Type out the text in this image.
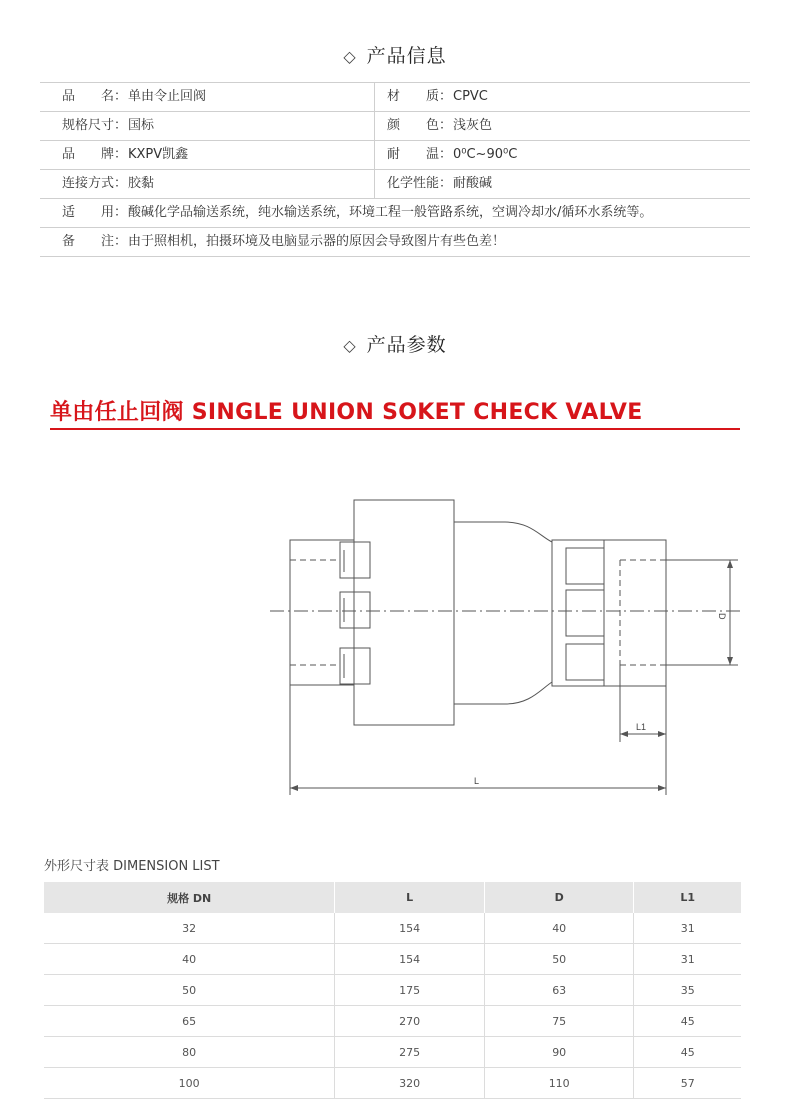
◇ 产品信息
品　　名：单由令止回阀	材　　质：CPVC
规格尺寸：国标	颜　　色：浅灰色
品　　牌：KXPV凯鑫	耐　　温：0⁰C~90⁰C
连接方式：胶黏	化学性能：耐酸碱
适　　用：酸碱化学品输送系统，纯水输送系统，环境工程一般管路系统，空调冷却水/循环水系统等。
备　　注：由于照相机，拍摄环境及电脑显示器的原因会导致图片有些色差！
◇ 产品参数
单由任止回阀 SINGLE UNION SOKET CHECK VALVE
D
L1
L
外形尺寸表 DIMENSION LIST
规格 DN	L	D	L1
32	154	40	31
40	154	50	31
50	175	63	35
65	270	75	45
80	275	90	45
100	320	110	57
